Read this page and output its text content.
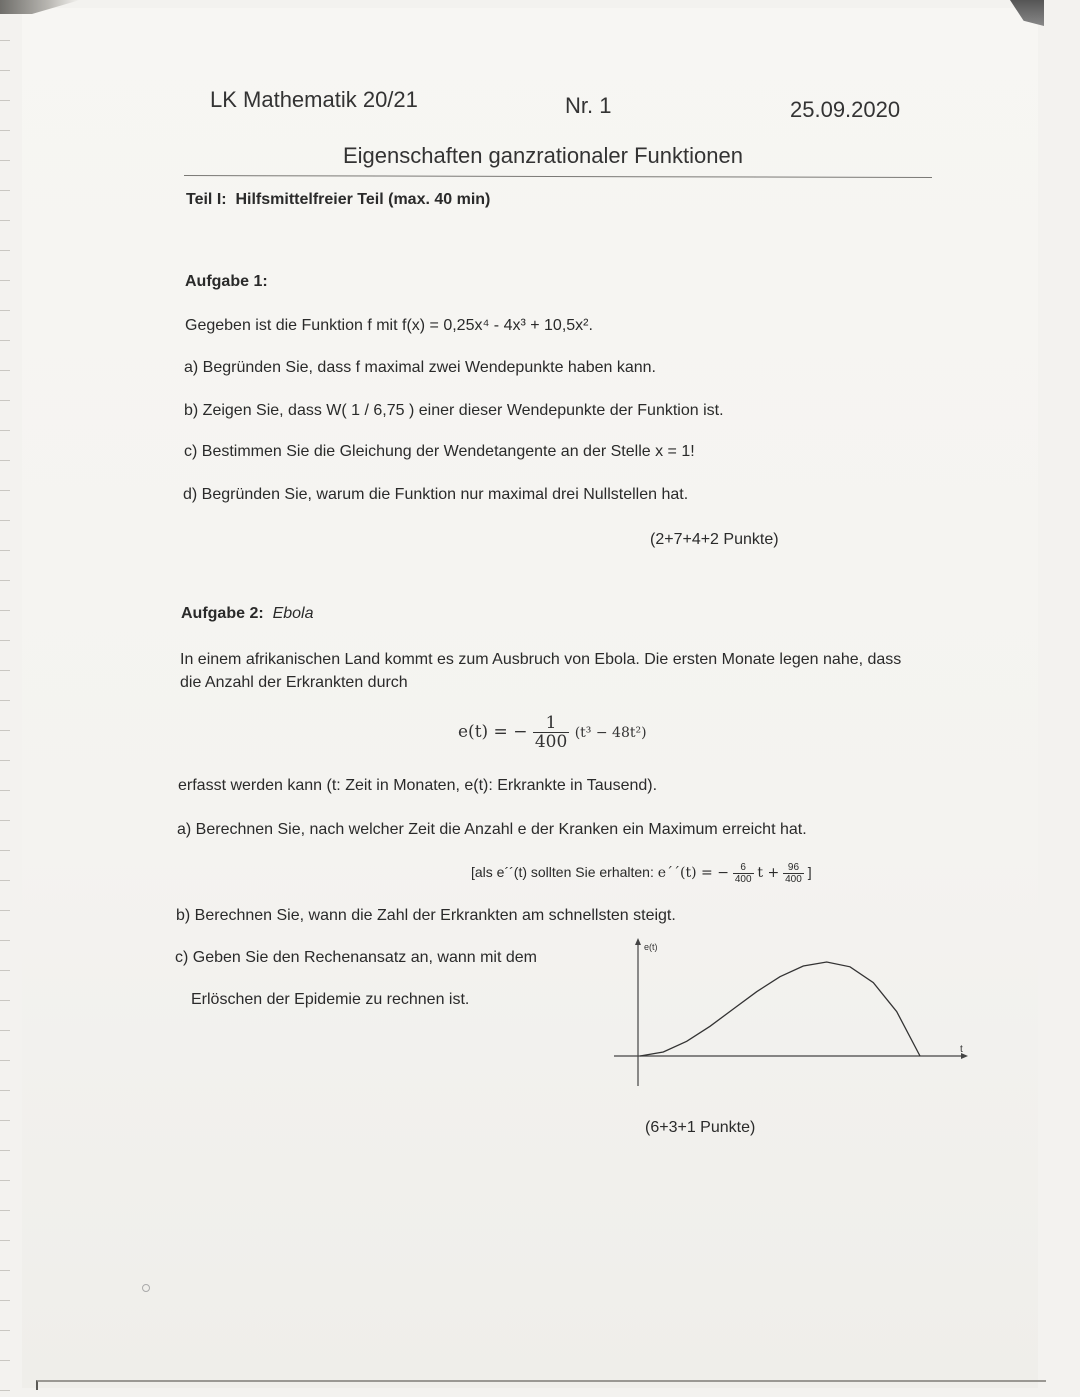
LK Mathematik 20/21	Nr. 1	25.09.2020
Eigenschaften ganzrationaler Funktionen
Teil I: Hilfsmittelfreier Teil (max. 40 min)
Aufgabe 1:
Gegeben ist die Funktion f mit f(x) = 0,25x⁴ - 4x³ + 10,5x².
a) Begründen Sie, dass f maximal zwei Wendepunkte haben kann.
b) Zeigen Sie, dass W( 1 / 6,75 ) einer dieser Wendepunkte der Funktion ist.
c) Bestimmen Sie die Gleichung der Wendetangente an der Stelle x = 1!
d) Begründen Sie, warum die Funktion nur maximal drei Nullstellen hat.
(2+7+4+2 Punkte)
Aufgabe 2: Ebola
In einem afrikanischen Land kommt es zum Ausbruch von Ebola. Die ersten Monate legen nahe, dass
die Anzahl der Erkrankten durch
e(t) = − $\frac{1}{400} (t^3 - 48t^2)$
erfasst werden kann (t: Zeit in Monaten, e(t): Erkrankte in Tausend).
a) Berechnen Sie, nach welcher Zeit die Anzahl e der Kranken ein Maximum erreicht hat.
[als e´´(t) sollten Sie erhalten: e´´(t) = − $\frac{6}{400}$ $t + \frac{96}{400}$ ]
b) Berechnen Sie, wann die Zahl der Erkrankten am schnellsten steigt.
c) Geben Sie den Rechenansatz an, wann mit dem
Erlöschen der Epidemie zu rechnen ist.
e(t)
t
(6+3+1 Punkte)
